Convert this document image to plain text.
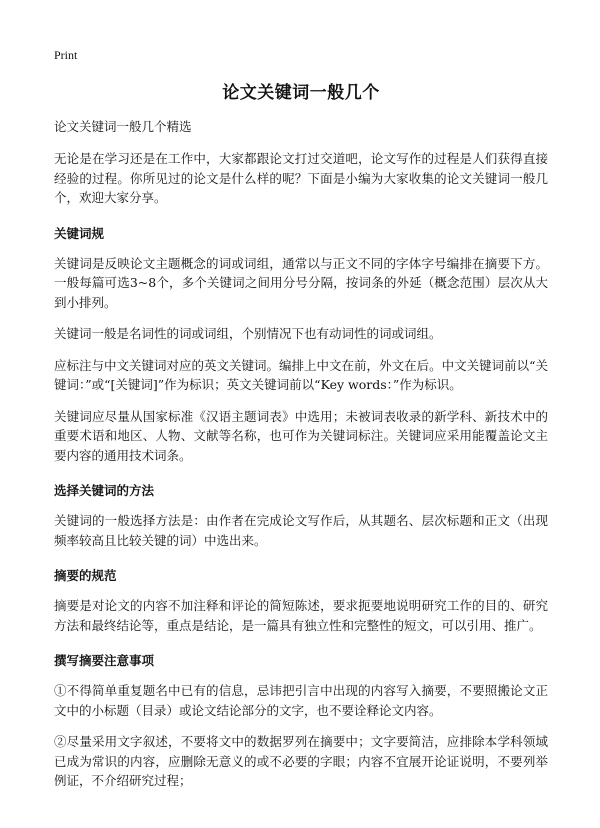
Print
论文关键词一般几个
论文关键词一般几个精选

无论是在学习还是在工作中，大家都跟论文打过交道吧，论文写作的过程是人们获得直接经验的过程。你所见过的论文是什么样的呢？下面是小编为大家收集的论文关键词一般几个，欢迎大家分享。

关键词规

关键词是反映论文主题概念的词或词组，通常以与正文不同的字体字号编排在摘要下方。一般每篇可选3~8个，多个关键词之间用分号分隔，按词条的外延（概念范围）层次从大到小排列。

关键词一般是名词性的词或词组，个别情况下也有动词性的词或词组。

应标注与中文关键词对应的英文关键词。编排上中文在前，外文在后。中文关键词前以“关键词：”或“[关键词]”作为标识；英文关键词前以“Key words：”作为标识。

关键词应尽量从国家标准《汉语主题词表》中选用；未被词表收录的新学科、新技术中的重要术语和地区、人物、文献等名称，也可作为关键词标注。关键词应采用能覆盖论文主要内容的通用技术词条。

选择关键词的方法

关键词的一般选择方法是：由作者在完成论文写作后，从其题名、层次标题和正文（出现频率较高且比较关键的词）中选出来。

摘要的规范

摘要是对论文的内容不加注释和评论的简短陈述，要求扼要地说明研究工作的目的、研究方法和最终结论等，重点是结论，是一篇具有独立性和完整性的短文，可以引用、推广。

撰写摘要注意事项

①不得简单重复题名中已有的信息，忌讳把引言中出现的内容写入摘要，不要照搬论文正文中的小标题（目录）或论文结论部分的文字，也不要诠释论文内容。

②尽量采用文字叙述，不要将文中的数据罗列在摘要中；文字要简洁，应排除本学科领域已成为常识的内容，应删除无意义的或不必要的字眼；内容不宜展开论证说明，不要列举例证，不介绍研究过程；
